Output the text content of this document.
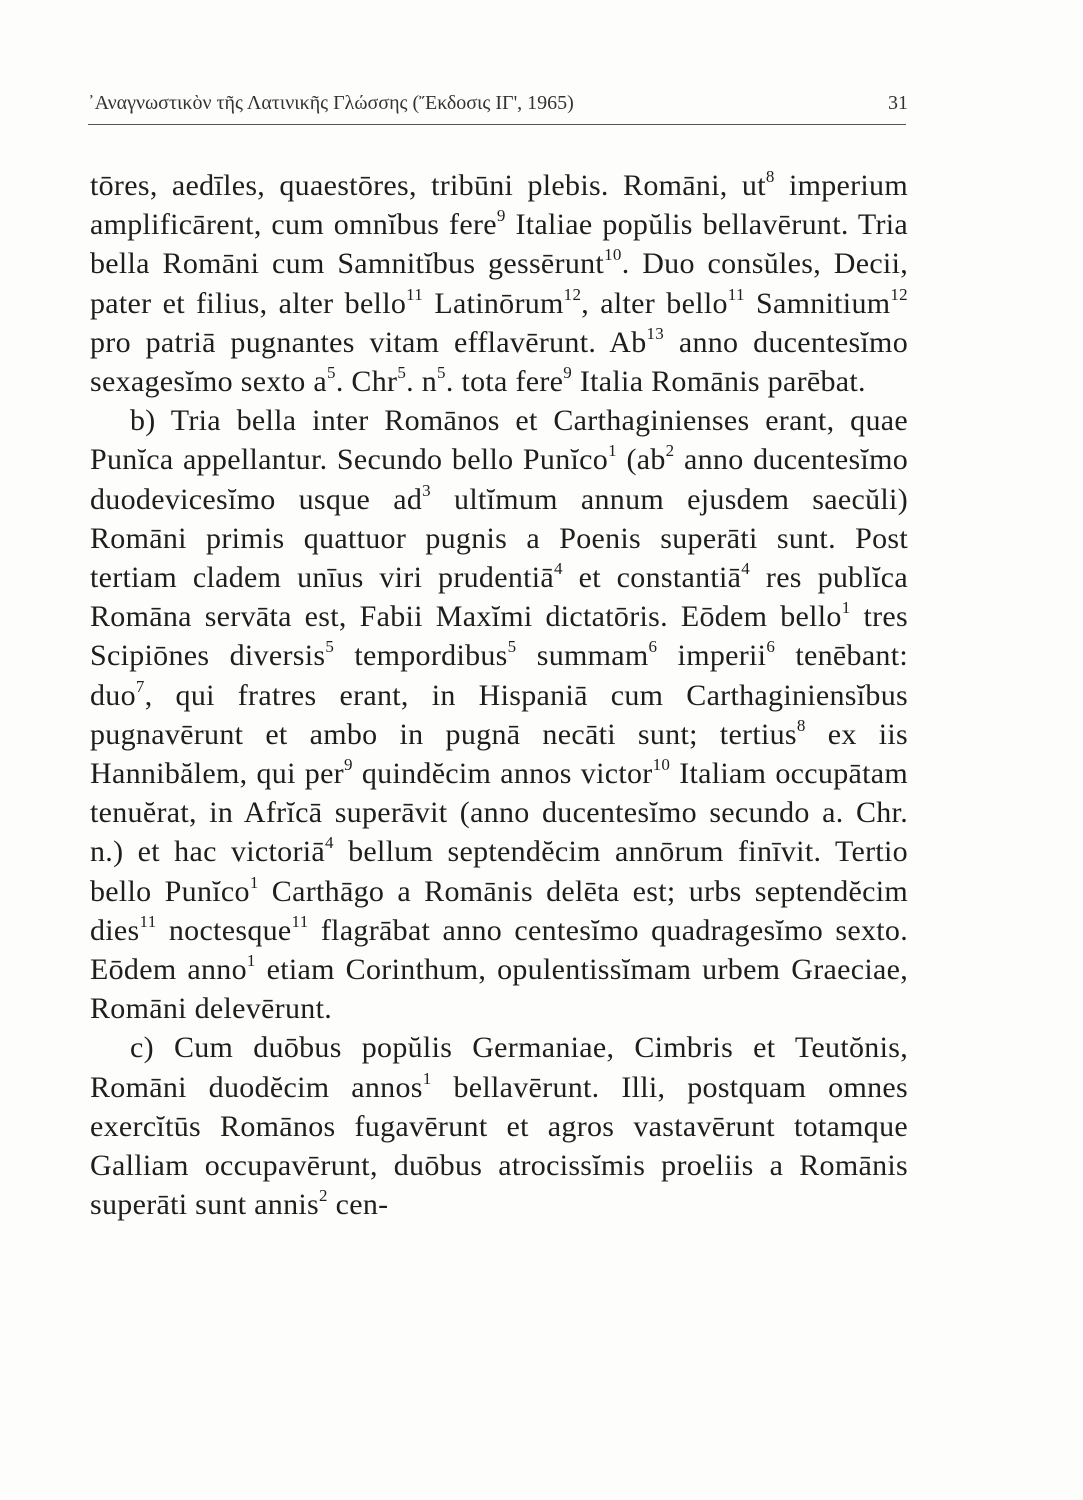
᾿Αναγνωστικὸν τῆς Λατινικῆς Γλώσσης (Ἔκδοσις ΙΓ', 1965)	31

tōres, aedīles, quaestōres, tribūni plebis. Romāni, $ut^8$ imperium amplificārent, cum omnĭbus fere$^9$ Italiae popŭlis bellavērunt. Tria bella Romāni cum Samnitĭbus gessērunt$^{10}$. Duo consŭles, Decii, pater et filius, alter bello$^{11}$ Latinōrum$^{12}$, alter bello$^{11}$ Samnitium$^{12}$ pro patriā pugnantes vitam efflavērunt. Ab$^{13}$ anno ducentesĭmo sexagesĭmo sexto $a^5$. Chr$^5$. $n^5$. tota fere$^9$ Italia Romānis parēbat.

b) Tria bella inter Romānos et Carthaginienses erant, quae Punĭca appellantur. Secundo bello Punĭco$^1$ ($ab^2$ anno ducentesĭmo duodevicesĭmo usque $ad^3$ ultĭmum annum ejusdem saecŭli) Romāni primis quattuor pugnis a Poenis superāti sunt. Post tertiam cladem unīus viri prudentiā$^4$ et constantiā$^4$ res publĭca Romāna servāta est, Fabii Maxĭmi dictatōris. Eōdem bello$^1$ tres Scipiōnes diversis$^5$ tempordibus$^5$ summam$^6$ imperii$^6$ tenēbant: duo$^7$, qui fratres erant, in Hispaniā cum Carthaginiensĭbus pugnavērunt et ambo in pugnā necāti sunt; tertius$^8$ ex iis Hannibălem, qui per$^9$ quindĕcim annos victor$^{10}$ Italiam occupātam tenuĕrat, in Afrĭcā superāvit (anno ducentesĭmo secundo a. Chr. n.) et hac victoriā$^4$ bellum septendĕcim annōrum finīvit. Tertio bello Punĭco$^1$ Carthāgo a Romānis delēta est; urbs septendĕcim dies$^{11}$ noctesque$^{11}$ flagrābat anno centesĭmo quadragesĭmo sexto. Eōdem anno$^1$ etiam Corinthum, opulentissĭmam urbem Graeciae, Romāni delevērunt.

c) Cum duōbus popŭlis Germaniae, Cimbris et Teutŏnis, Romāni duodĕcim annos$^1$ bellavērunt. Illi, postquam omnes exercĭtūs Romānos fugavērunt et agros vastavērunt totamque Galliam occupavērunt, duōbus atrocissĭmis proeliis a Romānis superāti sunt annis$^2$ cen-
